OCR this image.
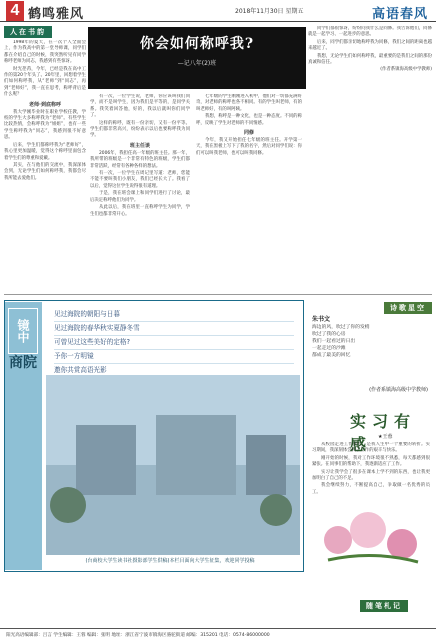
4 鹤鸣雅风	2018年11月30日 星期五	高语春风
人在书韵
你会如何称呼我?
—记八年(2)班

1998年的夏天，在一次个人全面会上，作为我高中的第一堂导师课，同学们都在介绍自己的时候，我突然听见有同学称呼老师为同志，我感到有些惊讶。

时光荏苒，今年，已经是我在高中工作的第20个年头了。20年里，回想着学生们如何称呼我，从“老师”到“同志”，再到“老师好”，我一直在思考，称呼背后是什么呢？

老师·到底称呼

我大学刚毕业时在职业学校任教，学校的学生大多称呼我为“老师”。有些学生比较热情，会称呼我为“姐姐”，也有一些学生称呼我为“同志”，我感到很不好意思。

后来，学生们都称呼我为“老师好”，我心里更加温暖，觉得这个称呼里面包含着学生们的尊重和爱戴。

其实，在与他们的交流中，我深深体会到，无论学生们如何称呼我，我都会尽我所能去爱他们。

有一次，一位学生说，老师，你应该叫我们同学，而不是叫学生，因为我们是平等的，是同学关系。我笑着回答他，好的，我以后就叫你们同学了。

这样的称呼，既有一份亲切，又有一份平等。学生们都非常高兴，纷纷表示以后也要称呼我为同学。

班主任谈

2006年，我担任高一年级的班主任。那一年，我所带的班级是一个非常有特色的班级，学生们都非常活跃，经常有各种各样的想法。

有一次，一位学生在周记里写道：老师，您能不能不要叫我们小朋友，我们已经长大了。我看了以后，觉得这位学生说得很有道理。

于是，我在班会课上和同学们进行了讨论，最后决定称呼他们为同学。

从此以后，我在班里一直称呼学生为同学，学生们也都非常开心。

七年级的学生刚刚进入初中，他们对一切都充满好奇，对老师的称呼也各不相同。有的学生叫老师，有的叫老师好，有的叫阿姨。

我想，称呼是一种文化，也是一种态度。不同的称呼，反映了学生对老师的不同情感。

同修

今年，我又开始担任七年级的班主任。开学第一天，我在黑板上写下了我的名字，然后对同学们说：你们可以叫我老师，也可以叫我同修。

同学们都很惊讶，纷纷问我什么是同修。我告诉他们，同修就是一起学习、一起进步的意思。

后来，同学们都亲切地称呼我为同修，我们之间的距离也越来越近了。

我想，无论学生们如何称呼我，最重要的是我们之间的那份真诚和信任。

(作者系镇海高级中学教师)

镜中
商院
见过海院的朝阳与日暮
见过海院的春华秋实夏静冬雪
可曾见过这些美好的定格?
予你一方明镜
邀你共赏高语光影
(台商校大学生读书社摄影部学生供稿)本栏目面向大学生征集，欢迎同学投稿
诗歌星空
朱书文
海边的风，吹过了你的发梢
吹过了我的心房
我们一起看过的日出
一起走过的沙滩
都成了最美的回忆
(作者系镇海高级中学教师)
实习有感	★王蓉

从校园走进工作岗位，是我人生中一个重要的转折。实习期间，我深刻体会到了工作的艰辛与快乐。

刚开始的时候，我对工作环境很不熟悉，每天都感到很紧张。在同事们的帮助下，我逐渐适应了工作。

实习让我学会了很多在课本上学不到的东西，也让我更加明白了自己的不足。

我会继续努力，不断提高自己，争取做一名优秀的员工。

随笔札记
阳光高语编辑部：吕言 学生编辑：王蓉 编辑：张明 地址：浙江省宁波市镇海区骆驼街道 邮编：315201 电话：0574-86000000
